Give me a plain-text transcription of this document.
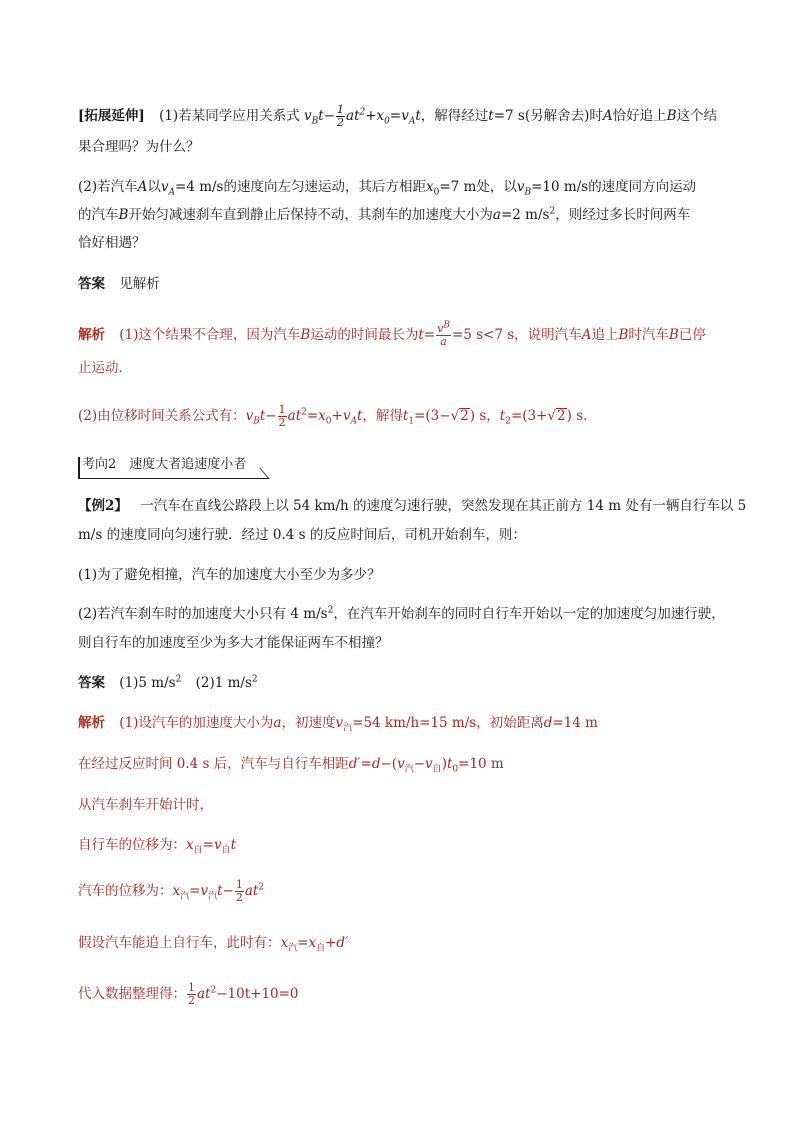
[拓展延伸] (1)若某同学应用关系式 $v_Bt- \frac{1}{2} at^2+x_0=v_At$，解得经过t=7 s(另解舍去)时A恰好追上B这个结
果合理吗？为什么？
(2)若汽车A以$v_A=4$ m/s的速度向左匀速运动，其后方相距$x_0=7$ m处，以$v_B=10$ m/s的速度同方向运动
的汽车B开始匀减速刹车直到静止后保持不动，其刹车的加速度大小为a=2 $m/s^2$，则经过多长时间两车
恰好相遇？
答案 见解析
解析 (1)这个结果不合理，因为汽车B运动的时间最长为$t= \frac{v^B}{a} =5$ s<7 s，说明汽车A追上B时汽车B已停
止运动．
(2)由位移时间关系公式有：$v_Bt- \frac{1}{2} at^2=x_0+v_At$，解得$t_1=(3-√2)$ s，$t_2=(3+√2)$ s.
考向2　速度大者追速度小者
【例2】 一汽车在直线公路段上以 54 km/h 的速度匀速行驶，突然发现在其正前方 14 m 处有一辆自行车以 5
m/s 的速度同向匀速行驶．经过 0.4 s 的反应时间后，司机开始刹车，则：
(1)为了避免相撞，汽车的加速度大小至少为多少？
(2)若汽车刹车时的加速度大小只有 4 $m/s^2$，在汽车开始刹车的同时自行车开始以一定的加速度匀加速行驶，
则自行车的加速度至少为多大才能保证两车不相撞？
答案 (1)5 $m/s^2$ (2)1 $m/s^2$
解析 (1)设汽车的加速度大小为a，初速度$v_汽=54$ km/h=15 m/s，初始距离d=14 m
在经过反应时间 0.4 s 后，汽车与自行车相距$d'=d-(v_汽-v_自)t_0=10$ m
从汽车刹车开始计时，
自行车的位移为：$x_自=v_自t$
汽车的位移为：$x_汽=v_汽t- \frac{1}{2} at^2$
假设汽车能追上自行车，此时有：$x_汽=x_自+d'$
代入数据整理得： $\frac{1}{2} at^2-10t+10=0$
